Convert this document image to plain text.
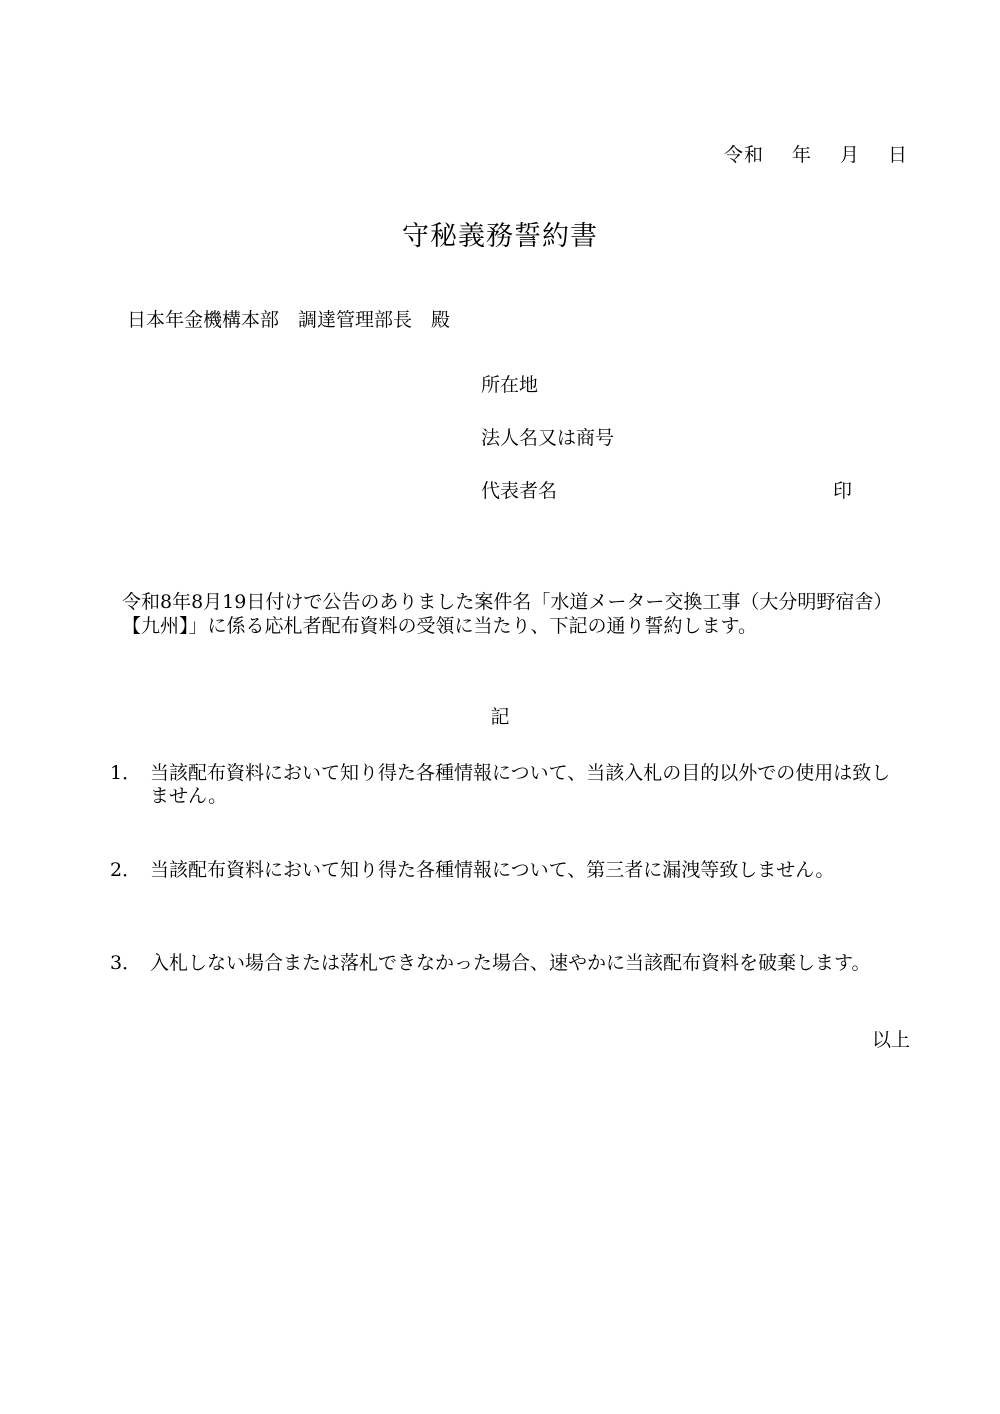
令和 年 月 日
守秘義務誓約書
日本年金機構本部　調達管理部長　殿
所在地
法人名又は商号
代表者名	印
令和8年8月19日付けで公告のありました案件名「水道メーター交換工事（大分明野宿舎）【九州】」に係る応札者配布資料の受領に当たり、下記の通り誓約します。
記
1． 当該配布資料において知り得た各種情報について、当該入札の目的以外での使用は致しません。
2． 当該配布資料において知り得た各種情報について、第三者に漏洩等致しません。
3． 入札しない場合または落札できなかった場合、速やかに当該配布資料を破棄します。
以上
